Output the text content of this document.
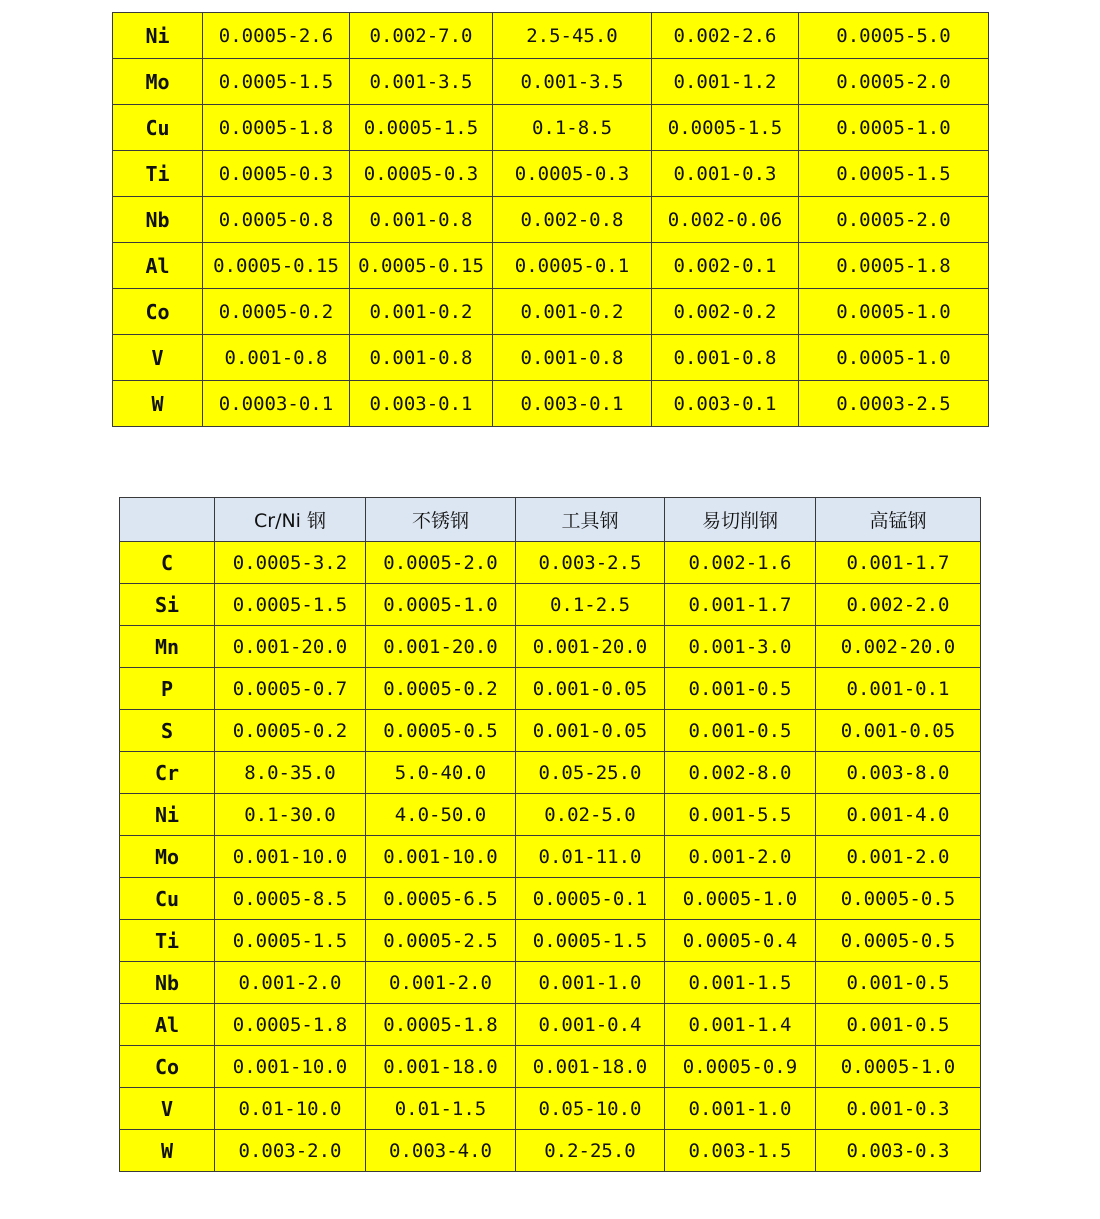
Ni	0.0005-2.6	0.002-7.0	2.5-45.0	0.002-2.6	0.0005-5.0
Mo	0.0005-1.5	0.001-3.5	0.001-3.5	0.001-1.2	0.0005-2.0
Cu	0.0005-1.8	0.0005-1.5	0.1-8.5	0.0005-1.5	0.0005-1.0
Ti	0.0005-0.3	0.0005-0.3	0.0005-0.3	0.001-0.3	0.0005-1.5
Nb	0.0005-0.8	0.001-0.8	0.002-0.8	0.002-0.06	0.0005-2.0
Al	0.0005-0.15	0.0005-0.15	0.0005-0.1	0.002-0.1	0.0005-1.8
Co	0.0005-0.2	0.001-0.2	0.001-0.2	0.002-0.2	0.0005-1.0
V	0.001-0.8	0.001-0.8	0.001-0.8	0.001-0.8	0.0005-1.0
W	0.0003-0.1	0.003-0.1	0.003-0.1	0.003-0.1	0.0003-2.5
	Cr/Ni 钢	不锈钢	工具钢	易切削钢	高锰钢
C	0.0005-3.2	0.0005-2.0	0.003-2.5	0.002-1.6	0.001-1.7
Si	0.0005-1.5	0.0005-1.0	0.1-2.5	0.001-1.7	0.002-2.0
Mn	0.001-20.0	0.001-20.0	0.001-20.0	0.001-3.0	0.002-20.0
P	0.0005-0.7	0.0005-0.2	0.001-0.05	0.001-0.5	0.001-0.1
S	0.0005-0.2	0.0005-0.5	0.001-0.05	0.001-0.5	0.001-0.05
Cr	8.0-35.0	5.0-40.0	0.05-25.0	0.002-8.0	0.003-8.0
Ni	0.1-30.0	4.0-50.0	0.02-5.0	0.001-5.5	0.001-4.0
Mo	0.001-10.0	0.001-10.0	0.01-11.0	0.001-2.0	0.001-2.0
Cu	0.0005-8.5	0.0005-6.5	0.0005-0.1	0.0005-1.0	0.0005-0.5
Ti	0.0005-1.5	0.0005-2.5	0.0005-1.5	0.0005-0.4	0.0005-0.5
Nb	0.001-2.0	0.001-2.0	0.001-1.0	0.001-1.5	0.001-0.5
Al	0.0005-1.8	0.0005-1.8	0.001-0.4	0.001-1.4	0.001-0.5
Co	0.001-10.0	0.001-18.0	0.001-18.0	0.0005-0.9	0.0005-1.0
V	0.01-10.0	0.01-1.5	0.05-10.0	0.001-1.0	0.001-0.3
W	0.003-2.0	0.003-4.0	0.2-25.0	0.003-1.5	0.003-0.3
